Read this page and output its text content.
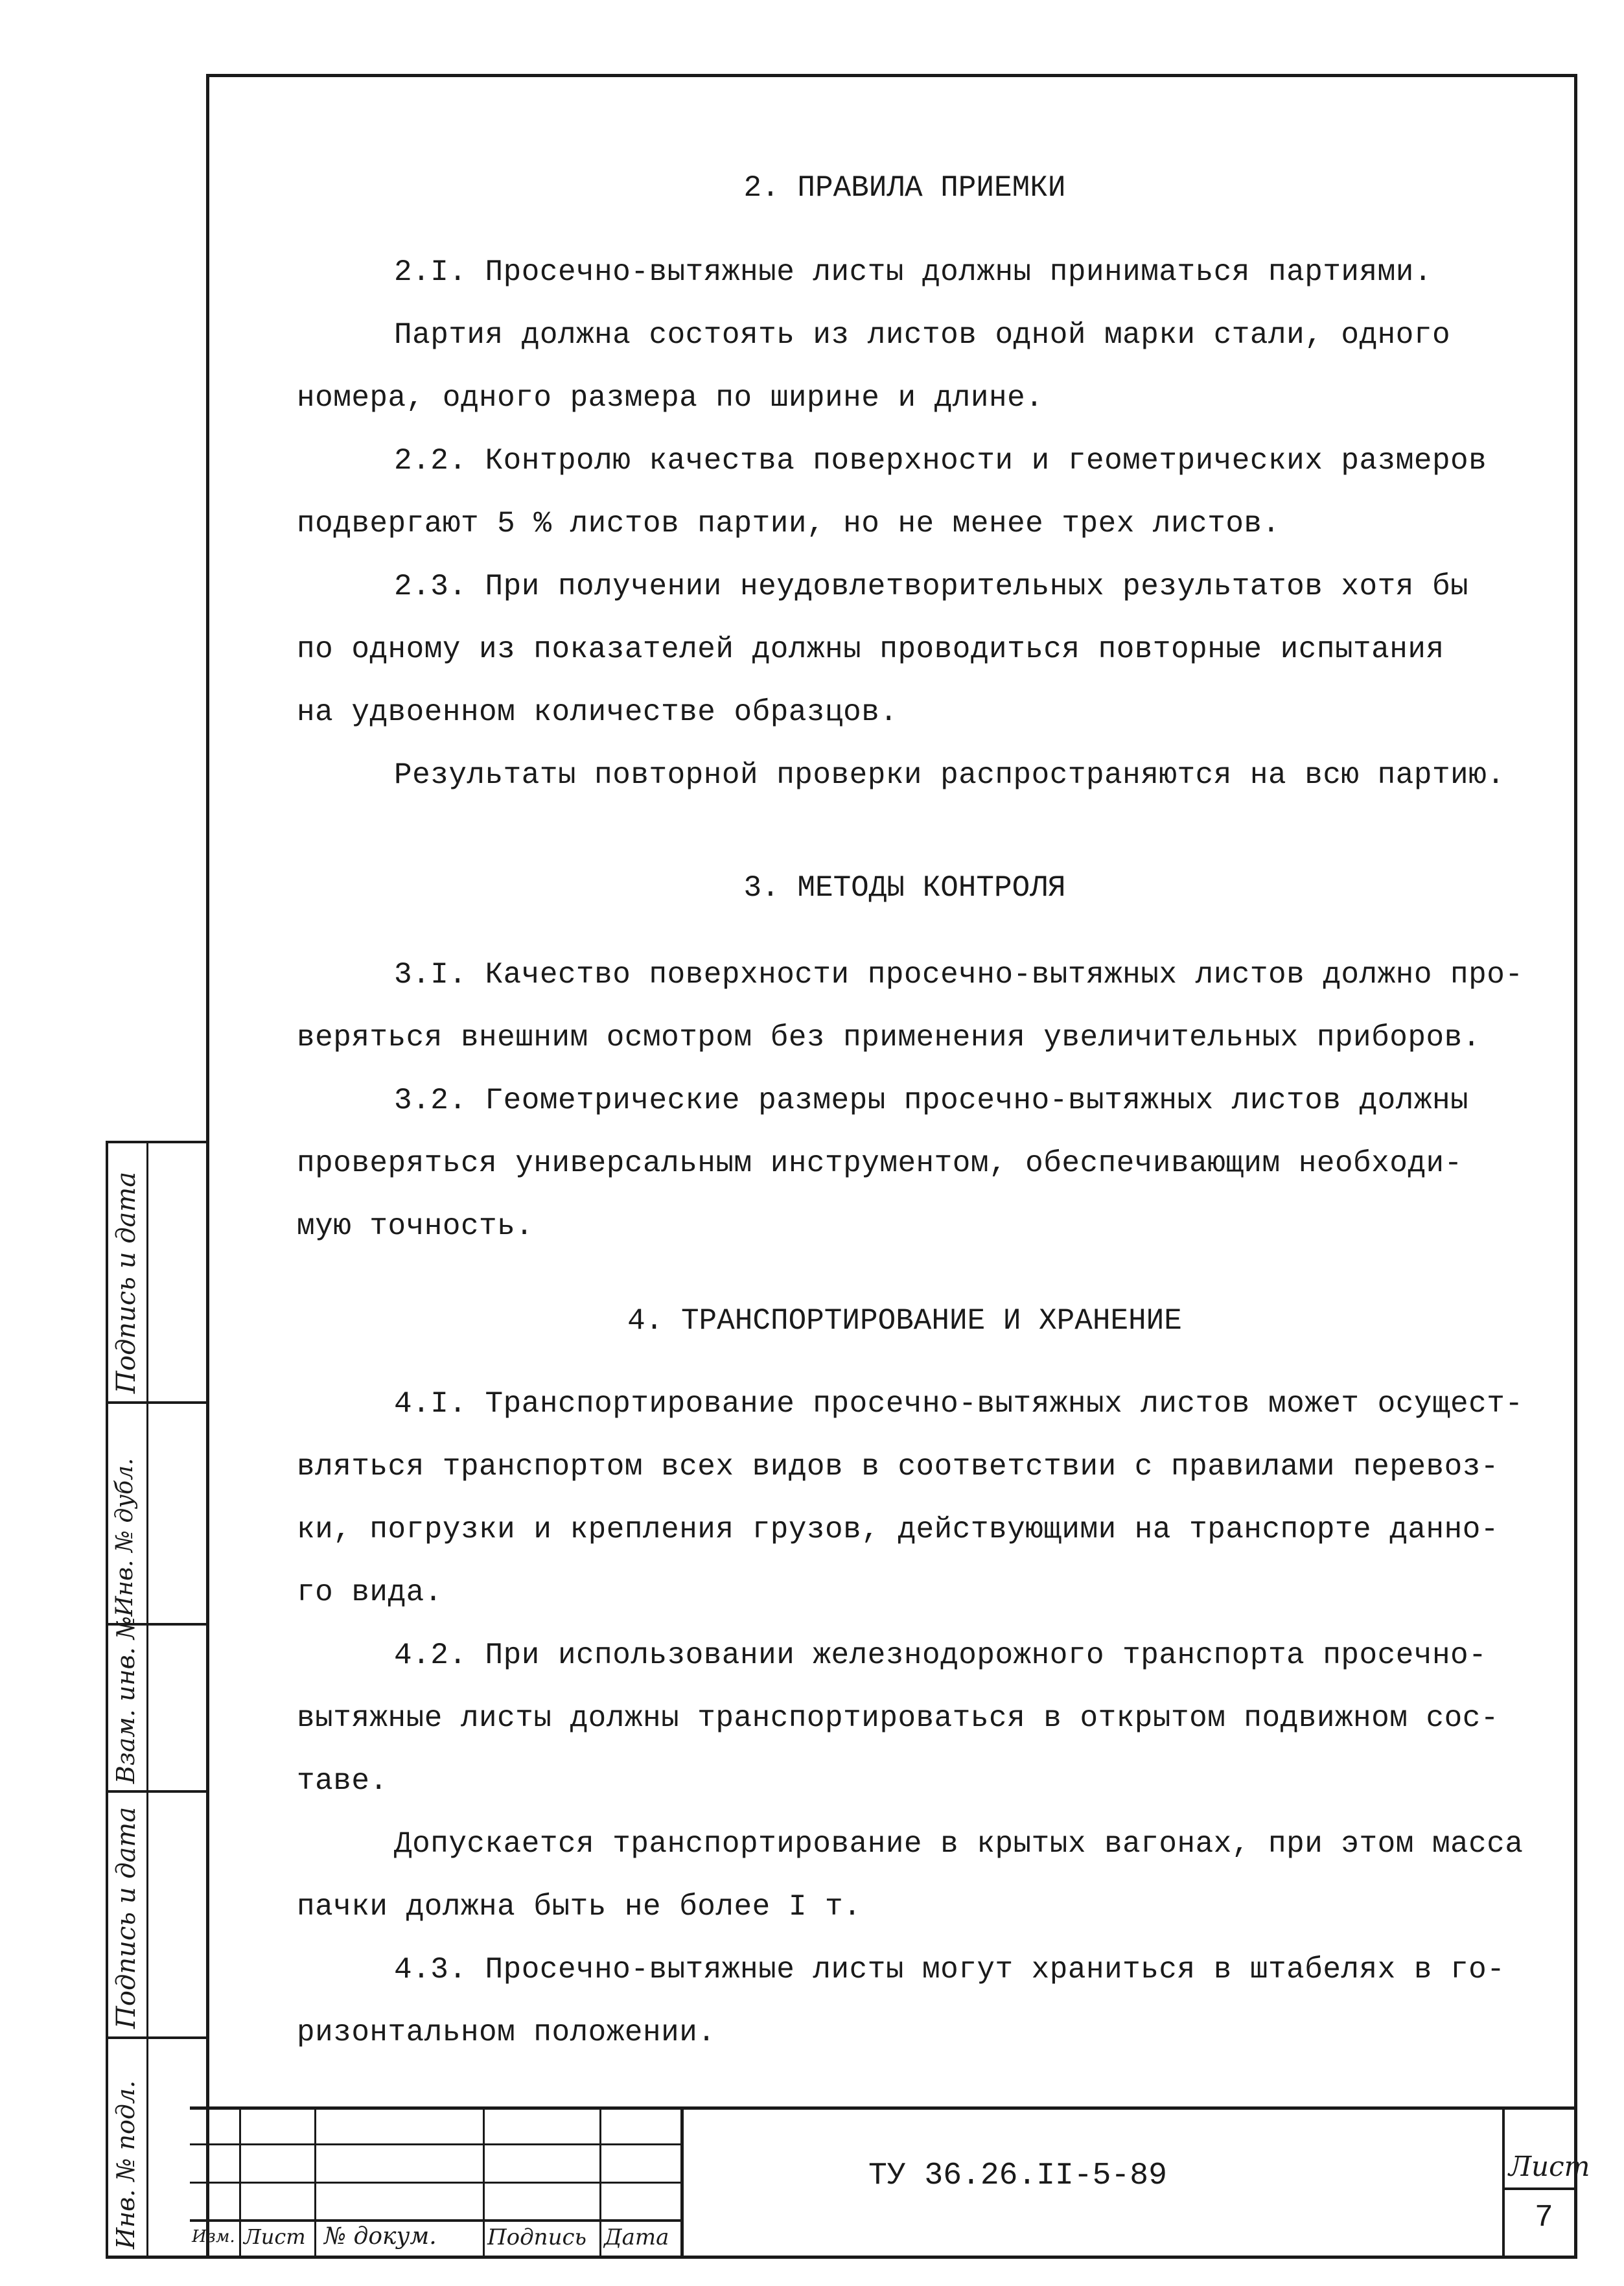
Инв. № подл.
Подпись и дата
Взам. инв. №
Инв. № дубл.
Подпись и дата
ТУ 36.26.II-5-89	Лист
7
Изм. Лист № докум. Подпись Дата
2. ПРАВИЛА ПРИЕМКИ
2.I. Просечно-вытяжные листы должны приниматься партиями.
Партия должна состоять из листов одной марки стали, одного
номера, одного размера по ширине и длине.
2.2. Контролю качества поверхности и геометрических размеров
подвергают 5 % листов партии, но не менее трех листов.
2.3. При получении неудовлетворительных результатов хотя бы
по одному из показателей должны проводиться повторные испытания
на удвоенном количестве образцов.
Результаты повторной проверки распространяются на всю партию.
3. МЕТОДЫ КОНТРОЛЯ
3.I. Качество поверхности просечно-вытяжных листов должно про-
веряться внешним осмотром без применения увеличительных приборов.
3.2. Геометрические размеры просечно-вытяжных листов должны
проверяться универсальным инструментом, обеспечивающим необходи-
мую точность.
4. ТРАНСПОРТИРОВАНИЕ И ХРАНЕНИЕ
4.I. Транспортирование просечно-вытяжных листов может осущест-
вляться транспортом всех видов в соответствии с правилами перевоз-
ки, погрузки и крепления грузов, действующими на транспорте данно-
го вида.
4.2. При использовании железнодорожного транспорта просечно-
вытяжные листы должны транспортироваться в открытом подвижном сос-
таве.
Допускается транспортирование в крытых вагонах, при этом масса
пачки должна быть не более I т.
4.3. Просечно-вытяжные листы могут храниться в штабелях в го-
ризонтальном положении.
